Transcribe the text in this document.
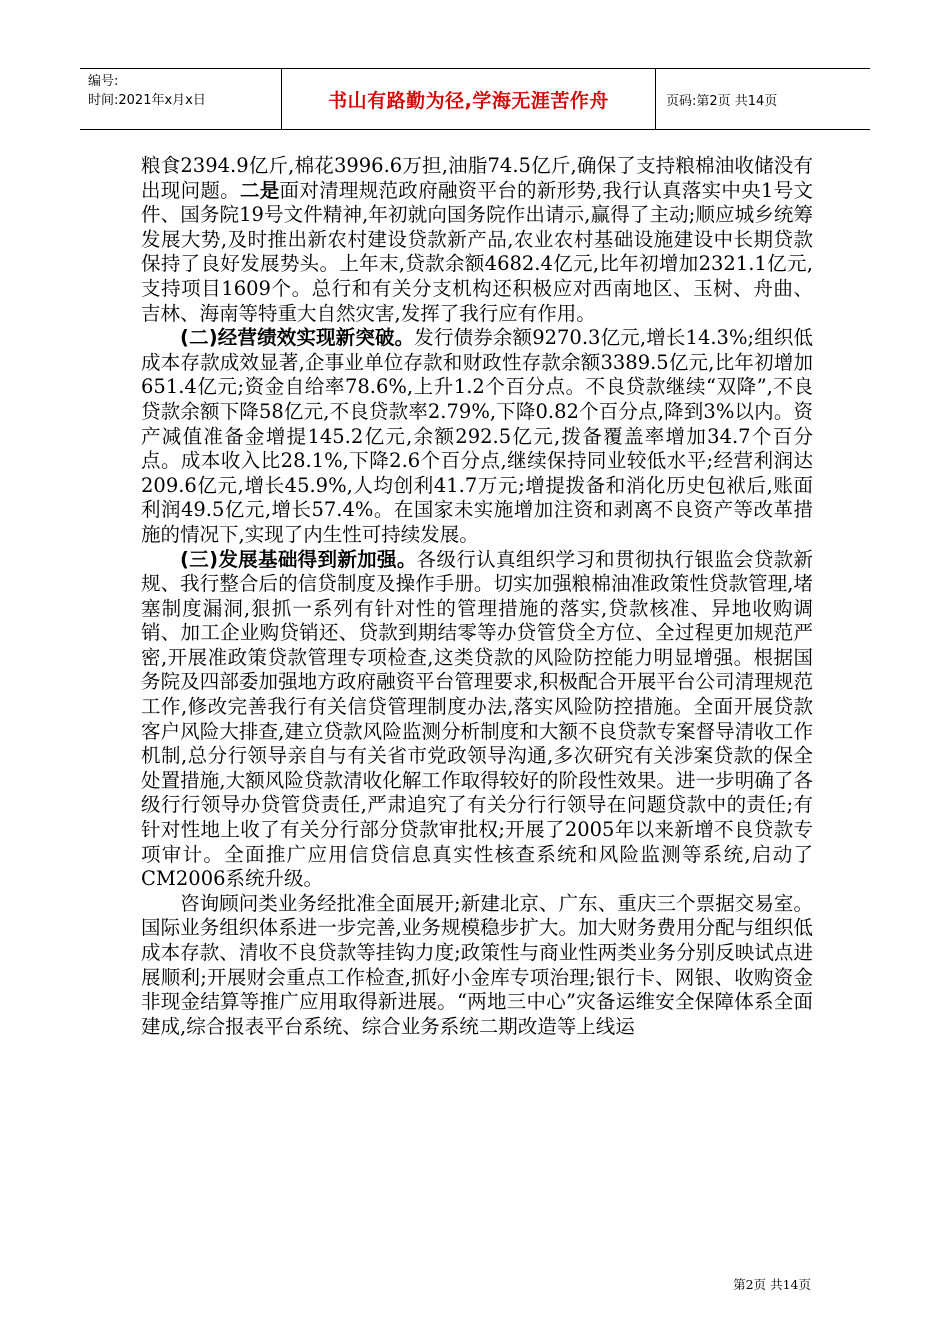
编号:
时间:2021年x月x日	书山有路勤为径,学海无涯苦作舟	页码:第2页 共14页

粮食2394.9亿斤,棉花3996.6万担,油脂74.5亿斤,确保了支持粮棉油收储没有出现问题。二是面对清理规范政府融资平台的新形势,我行认真落实中央1号文件、国务院19号文件精神,年初就向国务院作出请示,赢得了主动;顺应城乡统筹发展大势,及时推出新农村建设贷款新产品,农业农村基础设施建设中长期贷款保持了良好发展势头。上年末,贷款余额4682.4亿元,比年初增加2321.1亿元,支持项目1609个。总行和有关分支机构还积极应对西南地区、玉树、舟曲、吉林、海南等特重大自然灾害,发挥了我行应有作用。

(二)经营绩效实现新突破。发行债券余额9270.3亿元,增长14.3%;组织低成本存款成效显著,企事业单位存款和财政性存款余额3389.5亿元,比年初增加651.4亿元;资金自给率78.6%,上升1.2个百分点。不良贷款继续“双降”,不良贷款余额下降58亿元,不良贷款率2.79%,下降0.82个百分点,降到3%以内。资产减值准备金增提145.2亿元,余额292.5亿元,拨备覆盖率增加34.7个百分点。成本收入比28.1%,下降2.6个百分点,继续保持同业较低水平;经营利润达209.6亿元,增长45.9%,人均创利41.7万元;增提拨备和消化历史包袱后,账面利润49.5亿元,增长57.4%。在国家未实施增加注资和剥离不良资产等改革措施的情况下,实现了内生性可持续发展。

(三)发展基础得到新加强。各级行认真组织学习和贯彻执行银监会贷款新规、我行整合后的信贷制度及操作手册。切实加强粮棉油准政策性贷款管理,堵塞制度漏洞,狠抓一系列有针对性的管理措施的落实,贷款核准、异地收购调销、加工企业购贷销还、贷款到期结零等办贷管贷全方位、全过程更加规范严密,开展准政策贷款管理专项检查,这类贷款的风险防控能力明显增强。根据国务院及四部委加强地方政府融资平台管理要求,积极配合开展平台公司清理规范工作,修改完善我行有关信贷管理制度办法,落实风险防控措施。全面开展贷款客户风险大排查,建立贷款风险监测分析制度和大额不良贷款专案督导清收工作机制,总分行领导亲自与有关省市党政领导沟通,多次研究有关涉案贷款的保全处置措施,大额风险贷款清收化解工作取得较好的阶段性效果。进一步明确了各级行行领导办贷管贷责任,严肃追究了有关分行行领导在问题贷款中的责任;有针对性地上收了有关分行部分贷款审批权;开展了2005年以来新增不良贷款专项审计。全面推广应用信贷信息真实性核查系统和风险监测等系统,启动了CM2006系统升级。

咨询顾问类业务经批准全面展开;新建北京、广东、重庆三个票据交易室。国际业务组织体系进一步完善,业务规模稳步扩大。加大财务费用分配与组织低成本存款、清收不良贷款等挂钩力度;政策性与商业性两类业务分别反映试点进展顺利;开展财会重点工作检查,抓好小金库专项治理;银行卡、网银、收购资金非现金结算等推广应用取得新进展。“两地三中心”灾备运维安全保障体系全面建成,综合报表平台系统、综合业务系统二期改造等上线运

第2页 共14页
